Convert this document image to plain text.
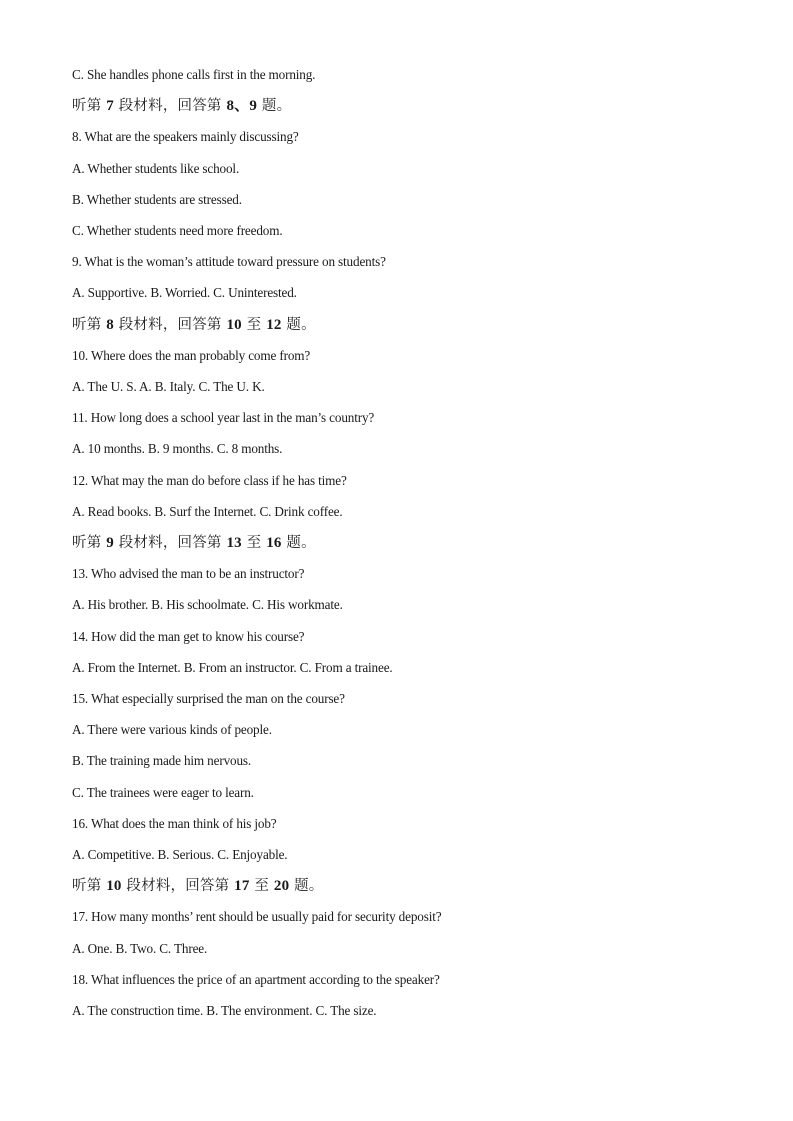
C. She handles phone calls first in the morning.
听第 7 段材料，回答第 8、9 题。
8. What are the speakers mainly discussing?
A. Whether students like school.
B. Whether students are stressed.
C. Whether students need more freedom.
9. What is the woman’s attitude toward pressure on students?
A. Supportive. B. Worried. C. Uninterested.
听第 8 段材料，回答第 10 至 12 题。
10. Where does the man probably come from?
A. The U. S. A. B. Italy. C. The U. K.
11. How long does a school year last in the man’s country?
A. 10 months. B. 9 months. C. 8 months.
12. What may the man do before class if he has time?
A. Read books. B. Surf the Internet. C. Drink coffee.
听第 9 段材料，回答第 13 至 16 题。
13. Who advised the man to be an instructor?
A. His brother. B. His schoolmate. C. His workmate.
14. How did the man get to know his course?
A. From the Internet. B. From an instructor. C. From a trainee.
15. What especially surprised the man on the course?
A. There were various kinds of people.
B. The training made him nervous.
C. The trainees were eager to learn.
16. What does the man think of his job?
A. Competitive. B. Serious. C. Enjoyable.
听第 10 段材料，回答第 17 至 20 题。
17. How many months’ rent should be usually paid for security deposit?
A. One. B. Two. C. Three.
18. What influences the price of an apartment according to the speaker?
A. The construction time. B. The environment. C. The size.
